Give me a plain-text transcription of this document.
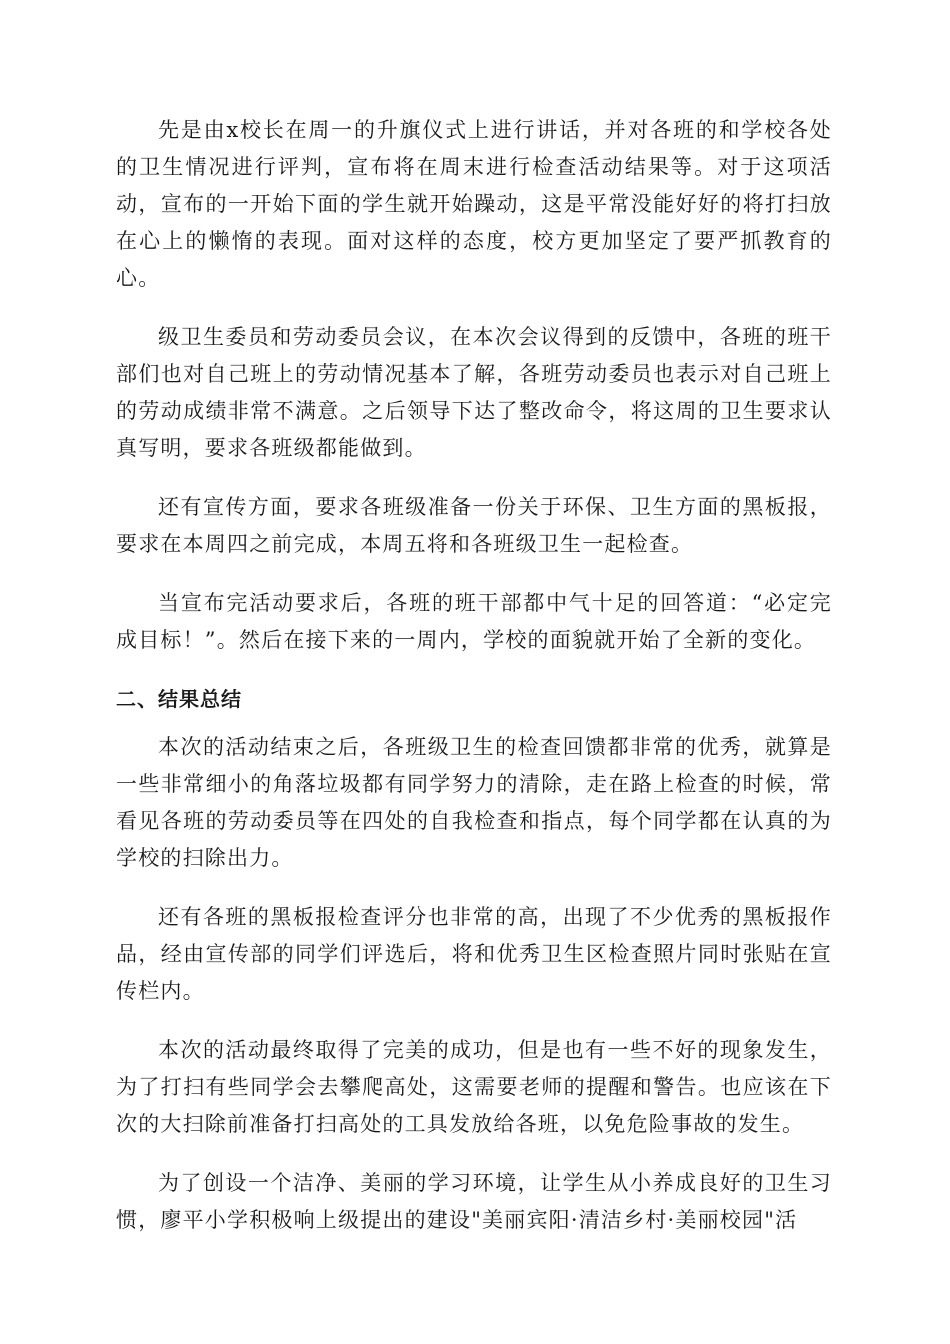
先是由x校长在周一的升旗仪式上进行讲话，并对各班的和学校各处的卫生情况进行评判，宣布将在周末进行检查活动结果等。对于这项活动，宣布的一开始下面的学生就开始躁动，这是平常没能好好的将打扫放在心上的懒惰的表现。面对这样的态度，校方更加坚定了要严抓教育的心。

级卫生委员和劳动委员会议，在本次会议得到的反馈中，各班的班干部们也对自己班上的劳动情况基本了解，各班劳动委员也表示对自己班上的劳动成绩非常不满意。之后领导下达了整改命令，将这周的卫生要求认真写明，要求各班级都能做到。

还有宣传方面，要求各班级准备一份关于环保、卫生方面的黑板报，要求在本周四之前完成，本周五将和各班级卫生一起检查。

当宣布完活动要求后，各班的班干部都中气十足的回答道：“必定完成目标！”。然后在接下来的一周内，学校的面貌就开始了全新的变化。

二、结果总结

本次的活动结束之后，各班级卫生的检查回馈都非常的优秀，就算是一些非常细小的角落垃圾都有同学努力的清除，走在路上检查的时候，常看见各班的劳动委员等在四处的自我检查和指点，每个同学都在认真的为学校的扫除出力。

还有各班的黑板报检查评分也非常的高，出现了不少优秀的黑板报作品，经由宣传部的同学们评选后，将和优秀卫生区检查照片同时张贴在宣传栏内。

本次的活动最终取得了完美的成功，但是也有一些不好的现象发生，为了打扫有些同学会去攀爬高处，这需要老师的提醒和警告。也应该在下次的大扫除前准备打扫高处的工具发放给各班，以免危险事故的发生。

为了创设一个洁净、美丽的学习环境，让学生从小养成良好的卫生习惯，廖平小学积极响上级提出的建设"美丽宾阳·清洁乡村·美丽校园"活
